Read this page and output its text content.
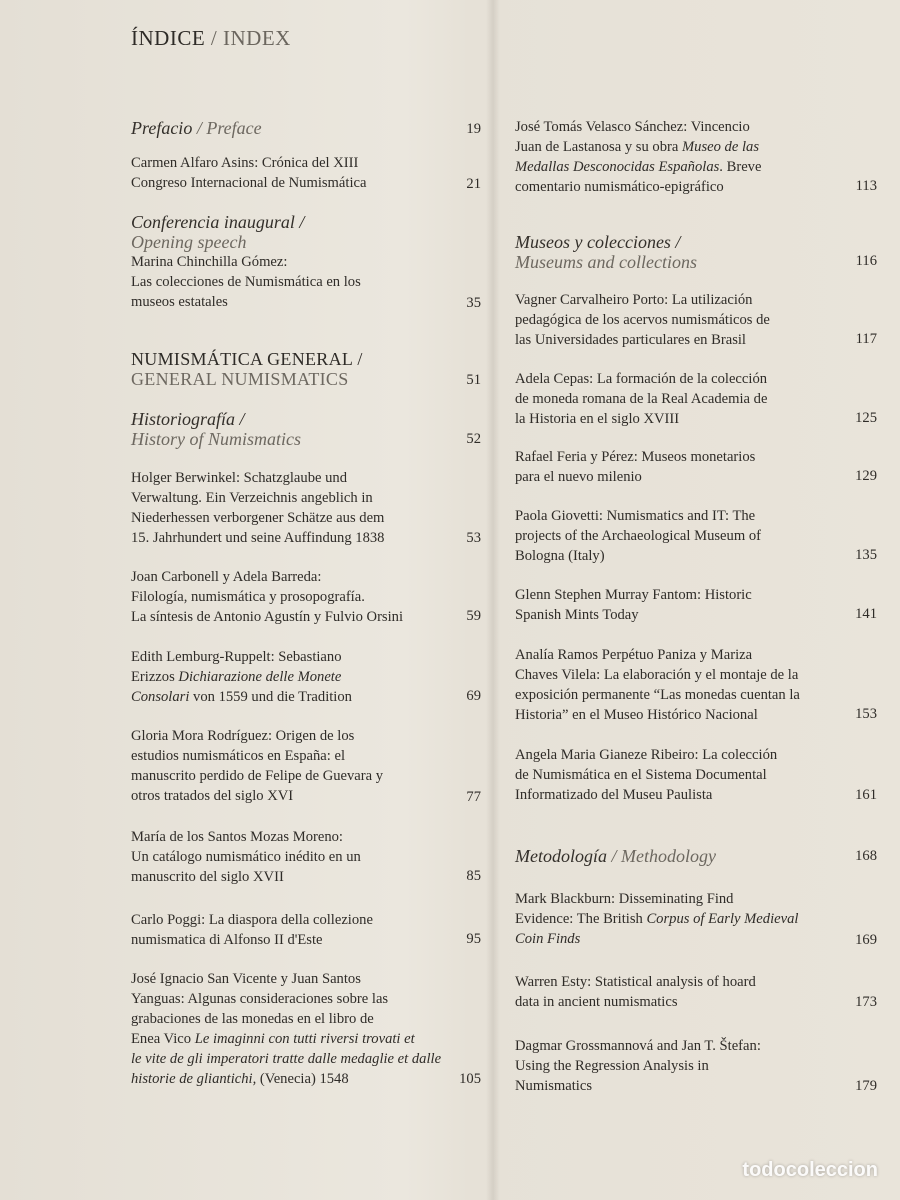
ÍNDICE / INDEX
Prefacio / Preface	19
Carmen Alfaro Asins: Crónica del XIII
Congreso Internacional de Numismática	21
Conferencia inaugural /
Opening speech
Marina Chinchilla Gómez:
Las colecciones de Numismática en los
museos estatales	35
NUMISMÁTICA GENERAL /
GENERAL NUMISMATICS	51
Historiografía /
History of Numismatics	52
Holger Berwinkel: Schatzglaube und
Verwaltung. Ein Verzeichnis angeblich in
Niederhessen verborgener Schätze aus dem
15. Jahrhundert und seine Auffindung 1838	53
Joan Carbonell y Adela Barreda:
Filología, numismática y prosopografía.
La síntesis de Antonio Agustín y Fulvio Orsini	59
Edith Lemburg-Ruppelt: Sebastiano
Erizzos Dichiarazione delle Monete
Consolari von 1559 und die Tradition	69
Gloria Mora Rodríguez: Origen de los
estudios numismáticos en España: el
manuscrito perdido de Felipe de Guevara y
otros tratados del siglo XVI	77
María de los Santos Mozas Moreno:
Un catálogo numismático inédito en un
manuscrito del siglo XVII	85
Carlo Poggi: La diaspora della collezione
numismatica di Alfonso II d'Este	95
José Ignacio San Vicente y Juan Santos
Yanguas: Algunas consideraciones sobre las
grabaciones de las monedas en el libro de
Enea Vico Le imaginni con tutti riversi trovati et
le vite de gli imperatori tratte dalle medaglie et dalle
historie de gliantichi, (Venecia) 1548	105
José Tomás Velasco Sánchez: Vincencio
Juan de Lastanosa y su obra Museo de las
Medallas Desconocidas Españolas. Breve
comentario numismático-epigráfico	113
Museos y colecciones /
Museums and collections	116
Vagner Carvalheiro Porto: La utilización
pedagógica de los acervos numismáticos de
las Universidades particulares en Brasil	117
Adela Cepas: La formación de la colección
de moneda romana de la Real Academia de
la Historia en el siglo XVIII	125
Rafael Feria y Pérez: Museos monetarios
para el nuevo milenio	129
Paola Giovetti: Numismatics and IT: The
projects of the Archaeological Museum of
Bologna (Italy)	135
Glenn Stephen Murray Fantom: Historic
Spanish Mints Today	141
Analía Ramos Perpétuo Paniza y Mariza
Chaves Vilela: La elaboración y el montaje de la
exposición permanente “Las monedas cuentan la
Historia” en el Museo Histórico Nacional	153
Angela Maria Gianeze Ribeiro: La colección
de Numismática en el Sistema Documental
Informatizado del Museu Paulista	161
Metodología / Methodology	168
Mark Blackburn: Disseminating Find
Evidence: The British Corpus of Early Medieval
Coin Finds	169
Warren Esty: Statistical analysis of hoard
data in ancient numismatics	173
Dagmar Grossmannová and Jan T. Štefan:
Using the Regression Analysis in
Numismatics	179
todocoleccion
